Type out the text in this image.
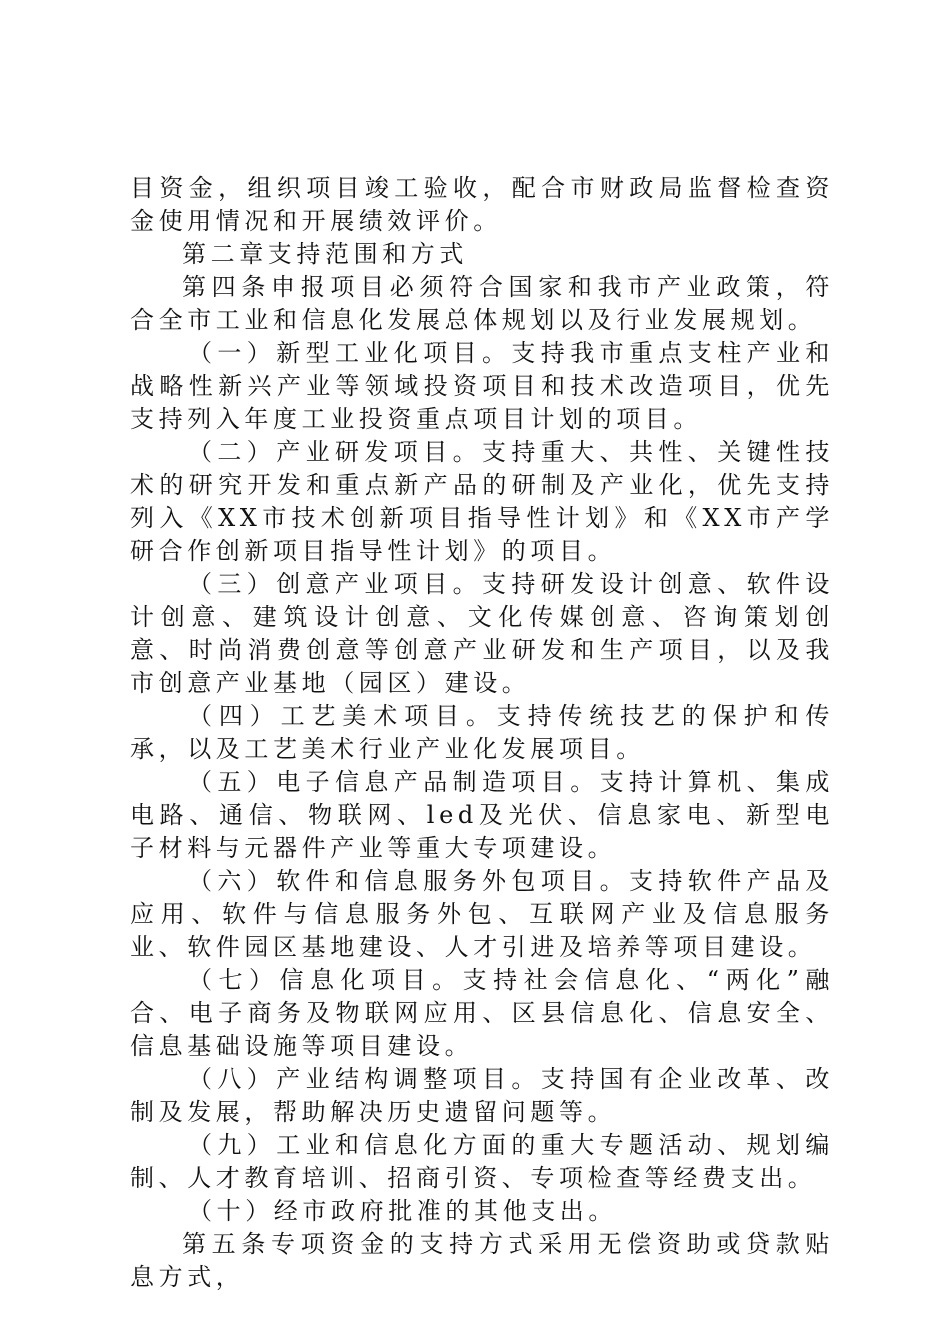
目资金，组织项目竣工验收，配合市财政局监督检查资金使用情况和开展绩效评价。

第二章支持范围和方式

第四条申报项目必须符合国家和我市产业政策，符合全市工业和信息化发展总体规划以及行业发展规划。

（一）新型工业化项目。支持我市重点支柱产业和战略性新兴产业等领域投资项目和技术改造项目，优先支持列入年度工业投资重点项目计划的项目。

（二）产业研发项目。支持重大、共性、关键性技术的研究开发和重点新产品的研制及产业化，优先支持列入《XX市技术创新项目指导性计划》和《XX市产学研合作创新项目指导性计划》的项目。

（三）创意产业项目。支持研发设计创意、软件设计创意、建筑设计创意、文化传媒创意、咨询策划创意、时尚消费创意等创意产业研发和生产项目，以及我市创意产业基地（园区）建设。

（四）工艺美术项目。支持传统技艺的保护和传承，以及工艺美术行业产业化发展项目。

（五）电子信息产品制造项目。支持计算机、集成电路、通信、物联网、led及光伏、信息家电、新型电子材料与元器件产业等重大专项建设。

（六）软件和信息服务外包项目。支持软件产品及应用、软件与信息服务外包、互联网产业及信息服务业、软件园区基地建设、人才引进及培养等项目建设。

（七）信息化项目。支持社会信息化、“两化”融合、电子商务及物联网应用、区县信息化、信息安全、信息基础设施等项目建设。

（八）产业结构调整项目。支持国有企业改革、改制及发展，帮助解决历史遗留问题等。

（九）工业和信息化方面的重大专题活动、规划编制、人才教育培训、招商引资、专项检查等经费支出。

（十）经市政府批准的其他支出。

第五条专项资金的支持方式采用无偿资助或贷款贴息方式，
